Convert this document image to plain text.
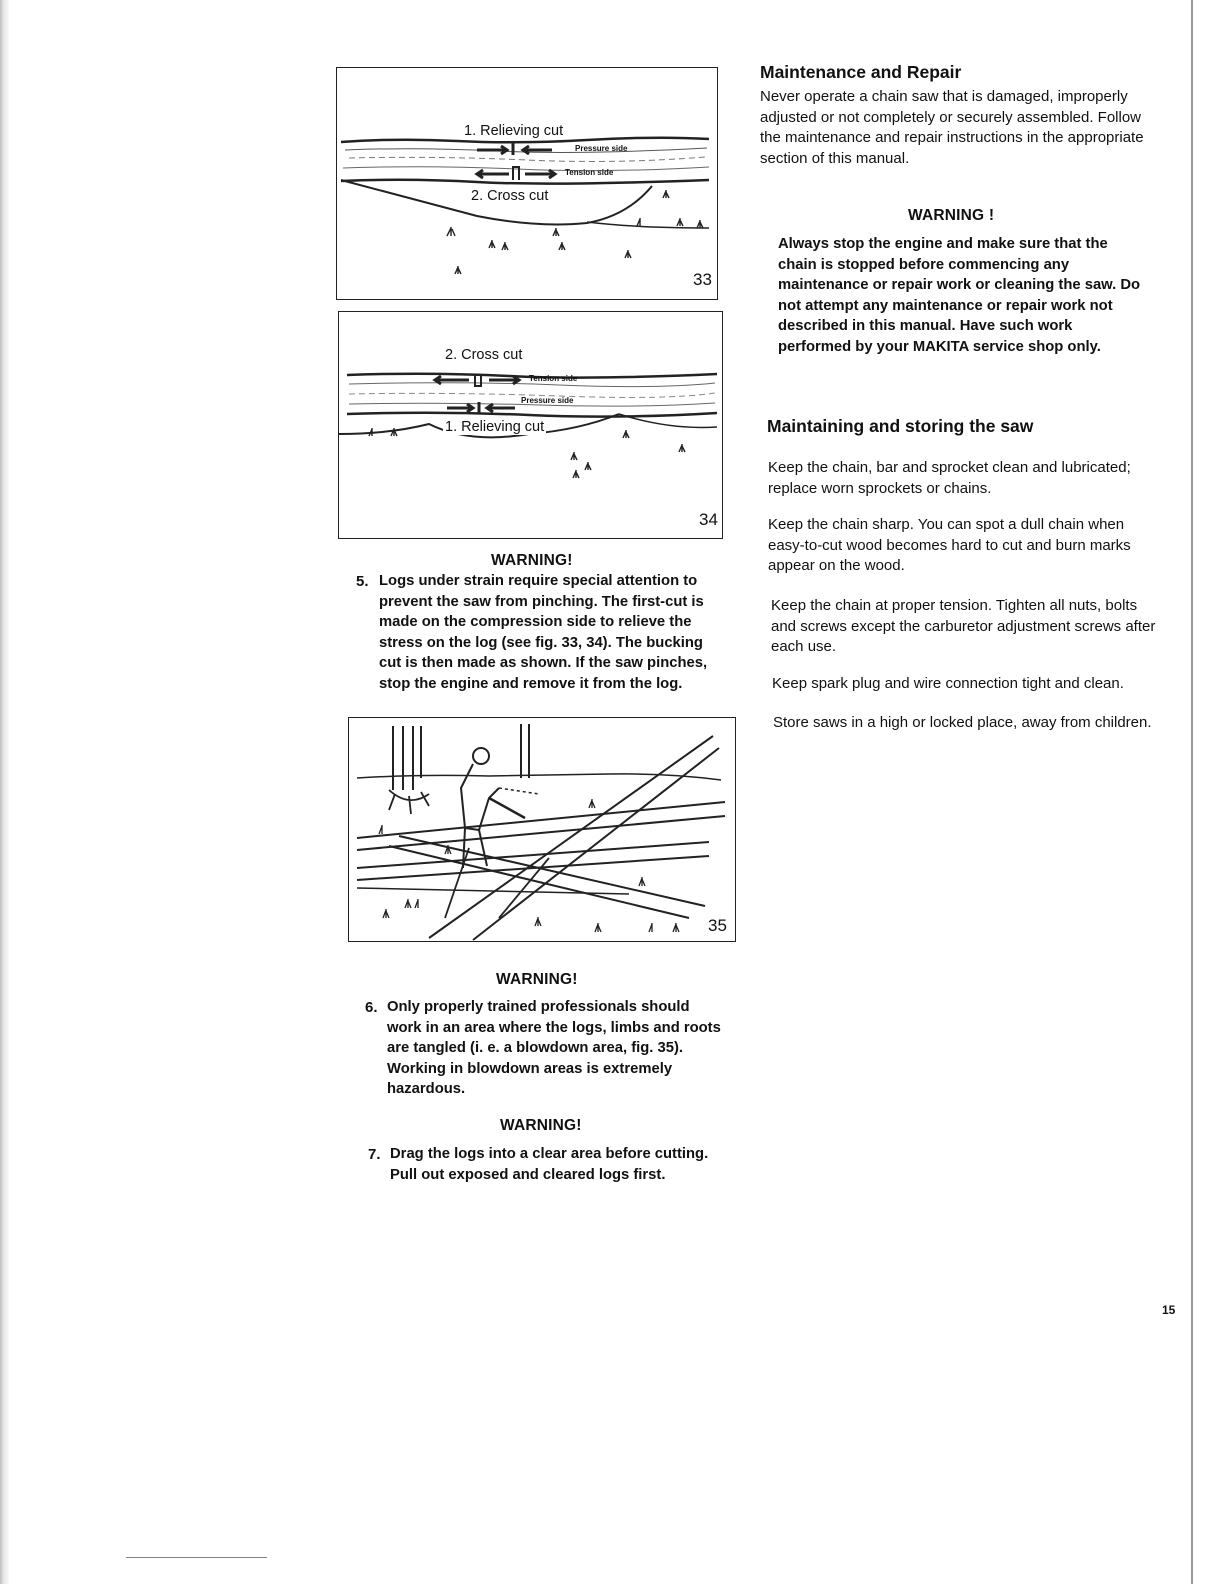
1. Relieving cut
2. Cross cut
Pressure side
Tension side
33
2. Cross cut
1. Relieving cut
Tension side
Pressure side
34
WARNING!
5. Logs under strain require special attention to prevent the saw from pinching. The first-cut is made on the compression side to relieve the stress on the log (see fig. 33, 34). The bucking cut is then made as shown. If the saw pinches, stop the engine and remove it from the log.

35
WARNING!
6. Only properly trained professionals should work in an area where the logs, limbs and roots are tangled (i. e. a blowdown area, fig. 35). Working in blowdown areas is extremely hazardous.

WARNING!
7. Drag the logs into a clear area before cutting. Pull out exposed and cleared logs first.

Maintenance and Repair

Never operate a chain saw that is damaged, improperly adjusted or not completely or securely assembled. Follow the maintenance and repair instructions in the appropriate section of this manual.

WARNING !

Always stop the engine and make sure that the chain is stopped before commencing any maintenance or repair work or cleaning the saw. Do not attempt any maintenance or repair work not described in this manual. Have such work performed by your MAKITA service shop only.

Maintaining and storing the saw

Keep the chain, bar and sprocket clean and lubricated; replace worn sprockets or chains.

Keep the chain sharp. You can spot a dull chain when easy-to-cut wood becomes hard to cut and burn marks appear on the wood.

Keep the chain at proper tension. Tighten all nuts, bolts and screws except the carburetor adjustment screws after each use.

Keep spark plug and wire connection tight and clean.

Store saws in a high or locked place, away from children.

15
